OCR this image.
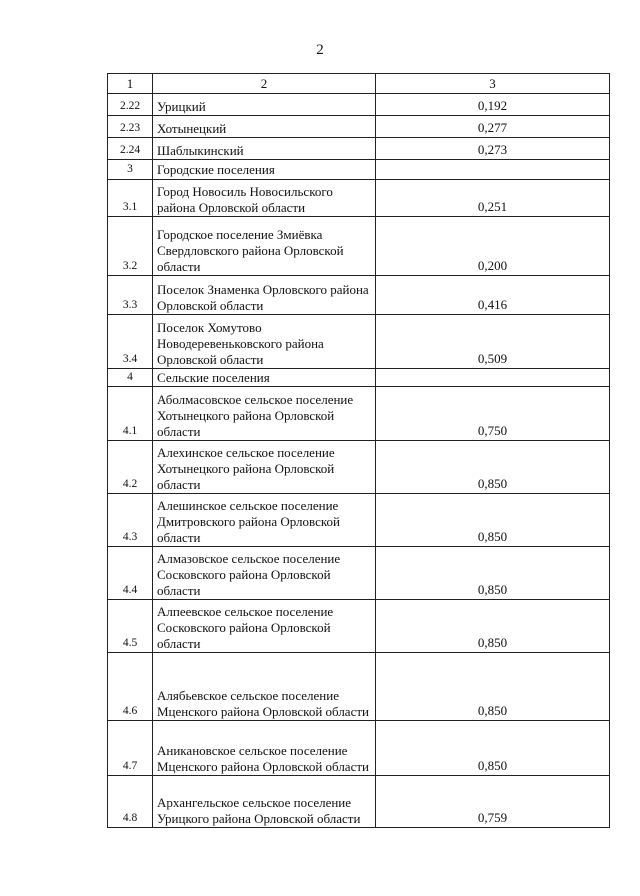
2
1	2	3
2.22	Урицкий	0,192
2.23	Хотынецкий	0,277
2.24	Шаблыкинский	0,273
3	Городские поселения	
3.1	Город Новосиль Новосильского района Орловской области	0,251
3.2	Городское поселение Змиёвка Свердловского района Орловской области	0,200
3.3	Поселок Знаменка Орловского района Орловской области	0,416
3.4	Поселок Хомутово Новодеревеньковского района Орловской области	0,509
4	Сельские поселения	
4.1	Аболмасовское сельское поселение Хотынецкого района Орловской области	0,750
4.2	Алехинское сельское поселение Хотынецкого района Орловской области	0,850
4.3	Алешинское сельское поселение Дмитровского района Орловской области	0,850
4.4	Алмазовское сельское поселение Сосковского района Орловской области	0,850
4.5	Алпеевское сельское поселение Сосковского района Орловской области	0,850
4.6	Алябьевское сельское поселение Мценского района Орловской области	0,850
4.7	Аникановское сельское поселение Мценского района Орловской области	0,850
4.8	Архангельское сельское поселение Урицкого района Орловской области	0,759
